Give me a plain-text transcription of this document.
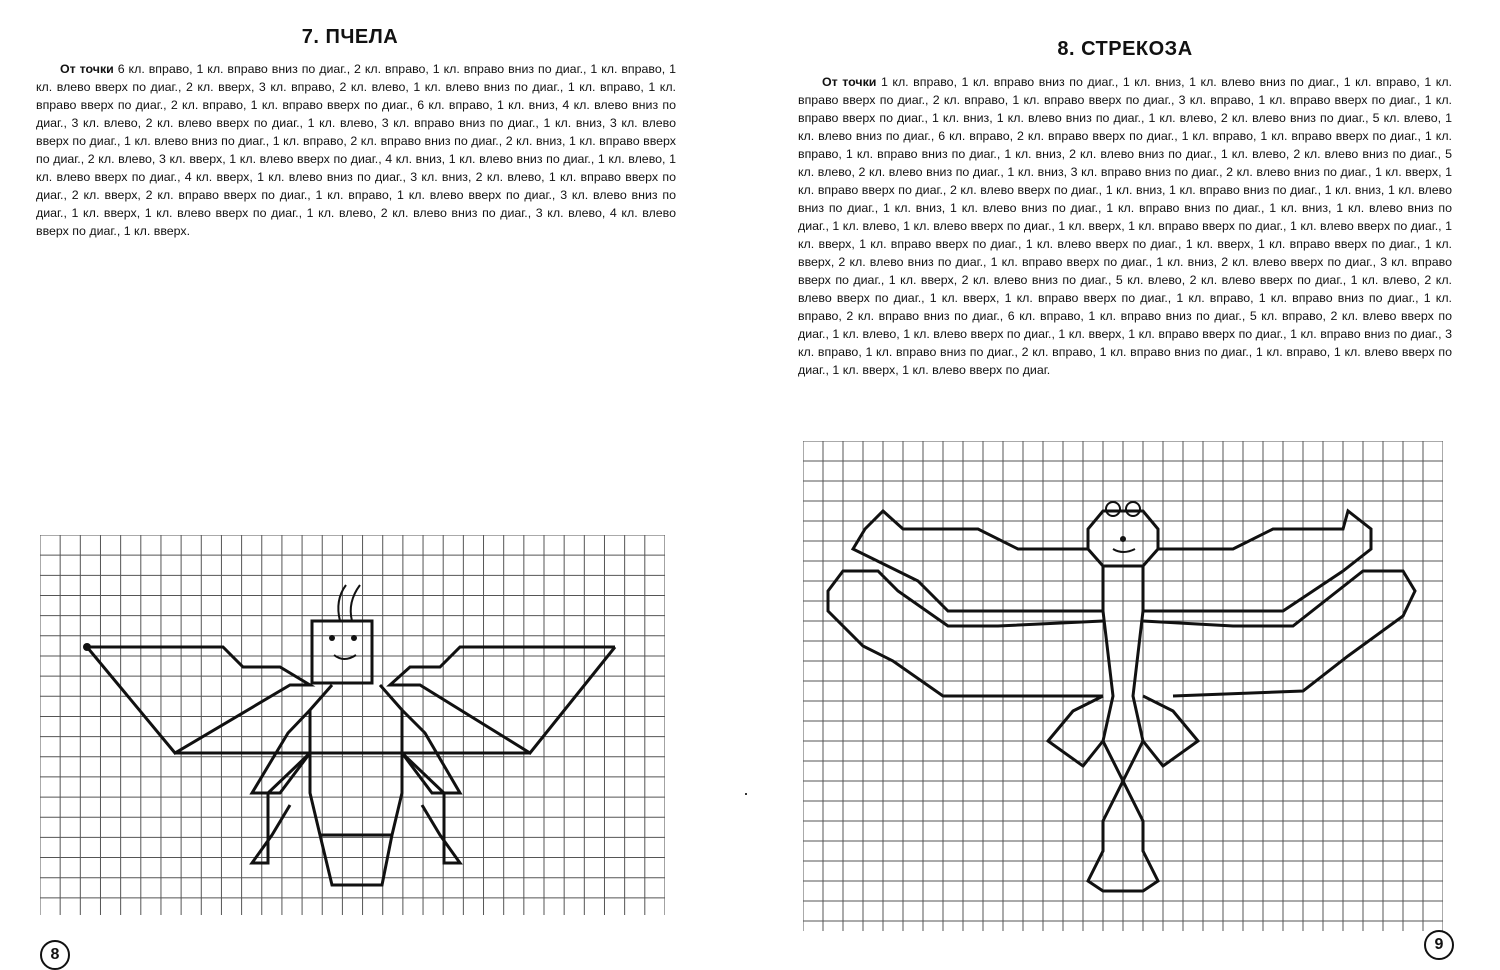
7. ПЧЕЛА

От точки 6 кл. вправо, 1 кл. вправо вниз по диаг., 2 кл. вправо, 1 кл. вправо вниз по диаг., 1 кл. вправо, 1 кл. влево вверх по диаг., 2 кл. вверх, 3 кл. вправо, 2 кл. влево, 1 кл. влево вниз по диаг., 1 кл. вправо, 1 кл. вправо вверх по диаг., 2 кл. вправо, 1 кл. вправо вверх по диаг., 6 кл. вправо, 1 кл. вниз, 4 кл. влево вниз по диаг., 3 кл. влево, 2 кл. влево вверх по диаг., 1 кл. влево, 3 кл. вправо вниз по диаг., 1 кл. вниз, 3 кл. влево вверх по диаг., 1 кл. влево вниз по диаг., 1 кл. вправо, 2 кл. вправо вниз по диаг., 2 кл. вниз, 1 кл. вправо вверх по диаг., 2 кл. влево, 3 кл. вверх, 1 кл. влево вверх по диаг., 4 кл. вниз, 1 кл. влево вниз по диаг., 1 кл. влево, 1 кл. влево вверх по диаг., 4 кл. вверх, 1 кл. влево вниз по диаг., 3 кл. вниз, 2 кл. влево, 1 кл. вправо вверх по диаг., 2 кл. вверх, 2 кл. вправо вверх по диаг., 1 кл. вправо, 1 кл. влево вверх по диаг., 3 кл. влево вниз по диаг., 1 кл. вверх, 1 кл. влево вверх по диаг., 1 кл. влево, 2 кл. влево вниз по диаг., 3 кл. влево, 4 кл. влево вверх по диаг., 1 кл. вверх.

8
8. СТРЕКОЗА

От точки 1 кл. вправо, 1 кл. вправо вниз по диаг., 1 кл. вниз, 1 кл. влево вниз по диаг., 1 кл. вправо, 1 кл. вправо вверх по диаг., 2 кл. вправо, 1 кл. вправо вверх по диаг., 3 кл. вправо, 1 кл. вправо вверх по диаг., 1 кл. вправо вверх по диаг., 1 кл. вниз, 1 кл. влево вниз по диаг., 1 кл. влево, 2 кл. влево вниз по диаг., 5 кл. влево, 1 кл. влево вниз по диаг., 6 кл. вправо, 2 кл. вправо вверх по диаг., 1 кл. вправо, 1 кл. вправо вверх по диаг., 1 кл. вправо, 1 кл. вправо вниз по диаг., 1 кл. вниз, 2 кл. влево вниз по диаг., 1 кл. влево, 2 кл. влево вниз по диаг., 5 кл. влево, 2 кл. влево вниз по диаг., 1 кл. вниз, 3 кл. вправо вниз по диаг., 2 кл. влево вниз по диаг., 1 кл. вверх, 1 кл. вправо вверх по диаг., 2 кл. влево вверх по диаг., 1 кл. вниз, 1 кл. вправо вниз по диаг., 1 кл. вниз, 1 кл. влево вниз по диаг., 1 кл. вниз, 1 кл. влево вниз по диаг., 1 кл. вправо вниз по диаг., 1 кл. вниз, 1 кл. влево вниз по диаг., 1 кл. влево, 1 кл. влево вверх по диаг., 1 кл. вверх, 1 кл. вправо вверх по диаг., 1 кл. влево вверх по диаг., 1 кл. вверх, 1 кл. вправо вверх по диаг., 1 кл. влево вверх по диаг., 1 кл. вверх, 1 кл. вправо вверх по диаг., 1 кл. вверх, 2 кл. влево вниз по диаг., 1 кл. вправо вверх по диаг., 1 кл. вниз, 2 кл. влево вверх по диаг., 3 кл. вправо вверх по диаг., 1 кл. вверх, 2 кл. влево вниз по диаг., 5 кл. влево, 2 кл. влево вверх по диаг., 1 кл. влево, 2 кл. влево вверх по диаг., 1 кл. вверх, 1 кл. вправо вверх по диаг., 1 кл. вправо, 1 кл. вправо вниз по диаг., 1 кл. вправо, 2 кл. вправо вниз по диаг., 6 кл. вправо, 1 кл. вправо вниз по диаг., 5 кл. вправо, 2 кл. влево вверх по диаг., 1 кл. влево, 1 кл. влево вверх по диаг., 1 кл. вверх, 1 кл. вправо вверх по диаг., 1 кл. вправо вниз по диаг., 3 кл. вправо, 1 кл. вправо вниз по диаг., 2 кл. вправо, 1 кл. вправо вниз по диаг., 1 кл. вправо, 1 кл. влево вверх по диаг., 1 кл. вверх, 1 кл. влево вверх по диаг.

9
